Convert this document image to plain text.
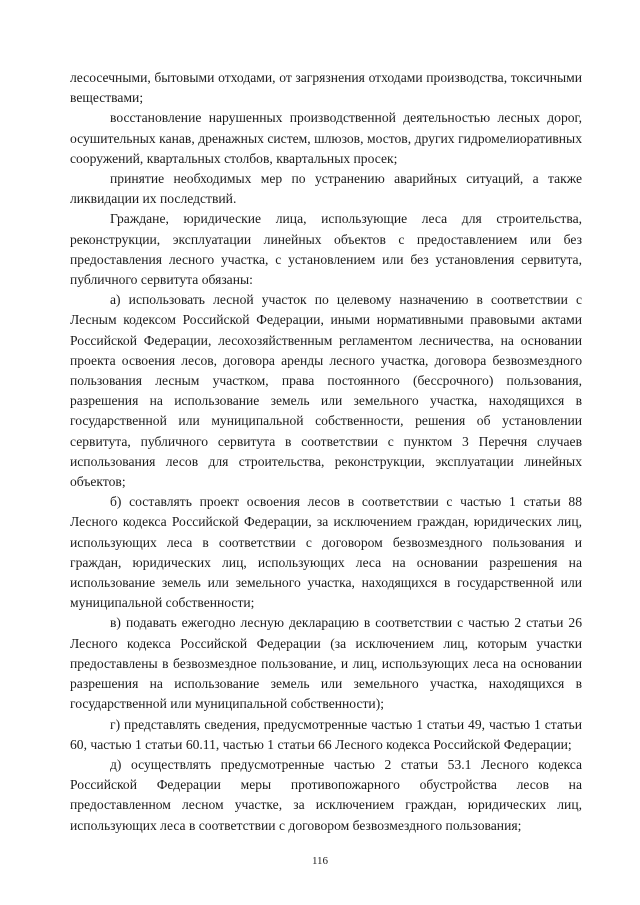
лесосечными, бытовыми отходами, от загрязнения отходами производства, токсичными веществами;

восстановление нарушенных производственной деятельностью лесных дорог, осушительных канав, дренажных систем, шлюзов, мостов, других гидромелиоративных сооружений, квартальных столбов, квартальных просек;

принятие необходимых мер по устранению аварийных ситуаций, а также ликвидации их последствий.

Граждане, юридические лица, использующие леса для строительства, реконструкции, эксплуатации линейных объектов с предоставлением или без предоставления лесного участка, с установлением или без установления сервитута, публичного сервитута обязаны:

а) использовать лесной участок по целевому назначению в соответствии с Лесным кодексом Российской Федерации, иными нормативными правовыми актами Российской Федерации, лесохозяйственным регламентом лесничества, на основании проекта освоения лесов, договора аренды лесного участка, договора безвозмездного пользования лесным участком, права постоянного (бессрочного) пользования, разрешения на использование земель или земельного участка, находящихся в государственной или муниципальной собственности, решения об установлении сервитута, публичного сервитута в соответствии с пунктом 3 Перечня случаев использования лесов для строительства, реконструкции, эксплуатации линейных объектов;

б) составлять проект освоения лесов в соответствии с частью 1 статьи 88 Лесного кодекса Российской Федерации, за исключением граждан, юридических лиц, использующих леса в соответствии с договором безвозмездного пользования и граждан, юридических лиц, использующих леса на основании разрешения на использование земель или земельного участка, находящихся в государственной или муниципальной собственности;

в) подавать ежегодно лесную декларацию в соответствии с частью 2 статьи 26 Лесного кодекса Российской Федерации (за исключением лиц, которым участки предоставлены в безвозмездное пользование, и лиц, использующих леса на основании разрешения на использование земель или земельного участка, находящихся в государственной или муниципальной собственности);

г) представлять сведения, предусмотренные частью 1 статьи 49, частью 1 статьи 60, частью 1 статьи 60.11, частью 1 статьи 66 Лесного кодекса Российской Федерации;

д) осуществлять предусмотренные частью 2 статьи 53.1 Лесного кодекса Российской Федерации меры противопожарного обустройства лесов на предоставленном лесном участке, за исключением граждан, юридических лиц, использующих леса в соответствии с договором безвозмездного пользования;

116
